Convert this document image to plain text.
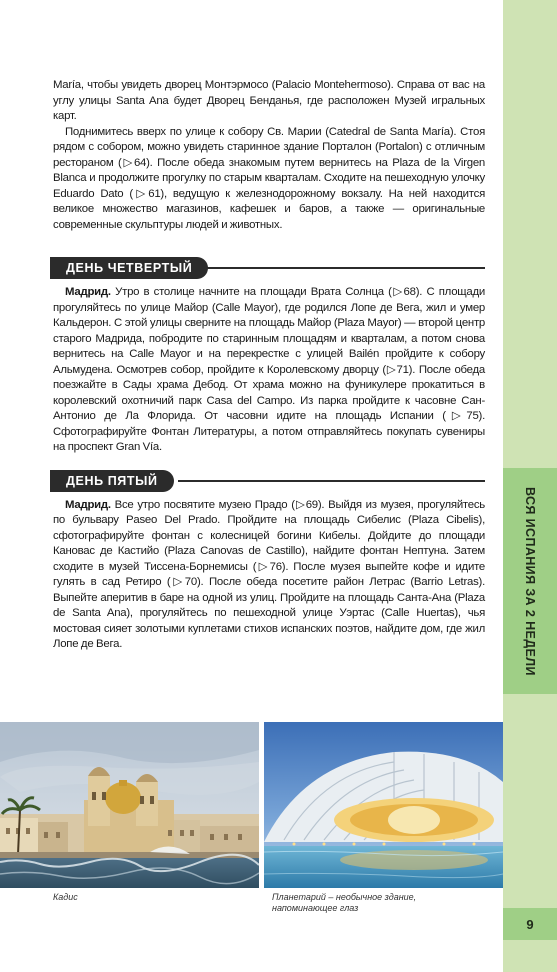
ВСЯ ИСПАНИЯ ЗА 2 НЕДЕЛИ
9

María, чтобы увидеть дворец Монтэрмосо (Palacio Montehermoso). Справа от вас на углу улицы Santa Ana будет Дворец Бенданья, где расположен Музей игральных карт.

Поднимитесь вверх по улице к собору Св. Марии (Catedral de Santa María). Стоя рядом с собором, можно увидеть старинное здание Порталон (Portalon) с отличным рестораном (▷64). После обеда знакомым путем вернитесь на Plaza de la Virgen Blanca и продолжите прогулку по старым кварталам. Сходите на пешеходную улочку Eduardo Dato (▷61), ведущую к железнодорожному вокзалу. На ней находится великое множество магазинов, кафешек и баров, а также — оригинальные современные скульптуры людей и животных.

ДЕНЬ ЧЕТВЕРТЫЙ

Мадрид. Утро в столице начните на площади Врата Солнца (▷68). С площади прогуляйтесь по улице Майор (Calle Mayor), где родился Лопе де Вега, жил и умер Кальдерон. С этой улицы сверните на площадь Майор (Plaza Mayor) — второй центр старого Мадрида, побродите по старинным площадям и кварталам, а потом снова вернитесь на Calle Mayor и на перекрестке с улицей Bailén пройдите к собору Альмудена. Осмотрев собор, пройдите к Королевскому дворцу (▷71). После обеда поезжайте в Сады храма Дебод. От храма можно на фуникулере прокатиться в королевский охотничий парк Casa del Campo. Из парка пройдите к часовне Сан-Антонио де Ла Флорида. От часовни идите на площадь Испании (▷75). Сфотографируйте Фонтан Литературы, а потом отправляйтесь покупать сувениры на проспект Gran Vía.

ДЕНЬ ПЯТЫЙ

Мадрид. Все утро посвятите музею Прадо (▷69). Выйдя из музея, прогуляйтесь по бульвару Paseo Del Prado. Пройдите на площадь Сибелис (Plaza Cibelis), сфотографируйте фонтан с колесницей богини Кибелы. Дойдите до площади Кановас де Кастийо (Plaza Canovas de Castillo), найдите фонтан Нептуна. Затем сходите в музей Тиссена-Борнемисы (▷76). После музея выпейте кофе и идите гулять в сад Ретиро (▷70). После обеда посетите район Летрас (Barrio Letras). Выпейте аперитив в баре на одной из улиц. Пройдите на площадь Санта-Ана (Plaza de Santa Ana), прогуляйтесь по пешеходной улице Уэртас (Calle Huertas), чья мостовая сияет золотыми куплетами стихов испанских поэтов, найдите дом, где жил Лопе де Вега.

Кадис	Планетарий – необычное здание, напоминающее глаз
